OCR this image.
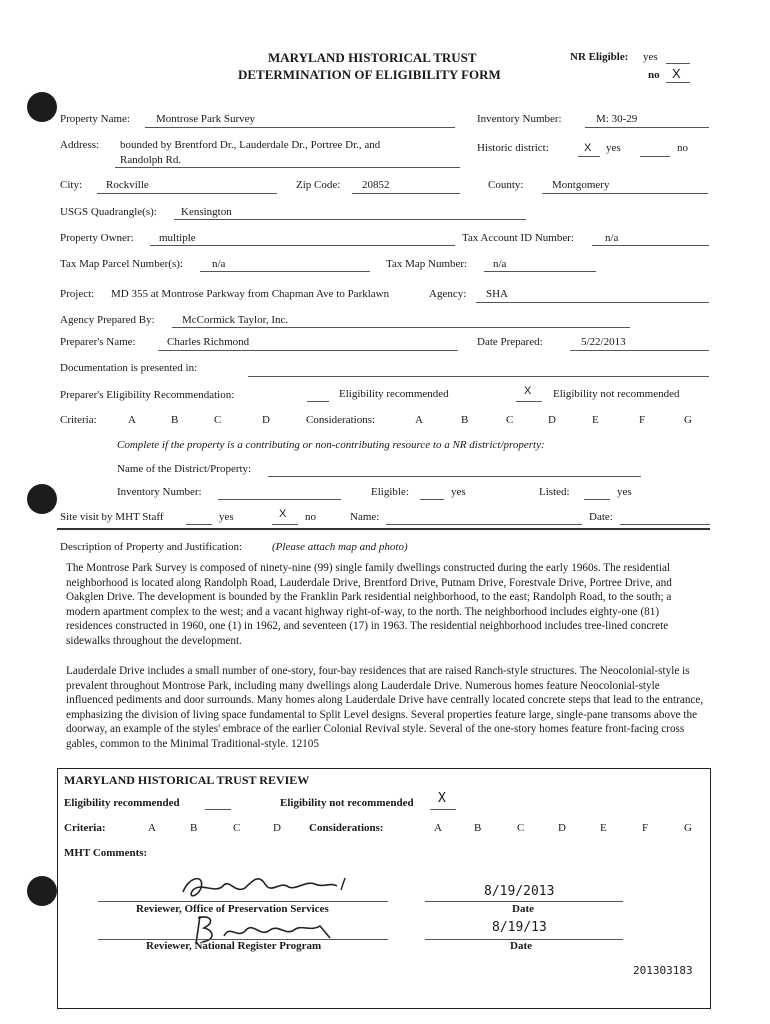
MARYLAND HISTORICAL TRUST
DETERMINATION OF ELIGIBILITY FORM
NR Eligible: yes
no X
Property Name: Montrose Park Survey	Inventory Number:	M: 30-29
Address: bounded by Brentford Dr., Lauderdale Dr., Portree Dr., and
Randolph Rd.
Historic district:	X yes	no
City: Rockville	Zip Code: 20852	County:	Montgomery
USGS Quadrangle(s): Kensington
Property Owner: multiple	Tax Account ID Number:	n/a
Tax Map Parcel Number(s):	n/a	Tax Map Number: n/a
Project: MD 355 at Montrose Parkway from Chapman Ave to Parklawn	Agency: SHA
Agency Prepared By: McCormick Taylor, Inc.
Preparer's Name:	Charles Richmond	Date Prepared:	5/22/2013
Documentation is presented in:
Preparer's Eligibility Recommendation:	Eligibility recommended	X Eligibility not recommended
Criteria:	A	B	C	D	Considerations:	A	B	C	D	E	F	G
Complete if the property is a contributing or non-contributing resource to a NR district/property:
Name of the District/Property:
Inventory Number:	Eligible:	yes	Listed:	yes
Site visit by MHT Staff	yes	X no	Name:	Date:
Description of Property and Justification:	(Please attach map and photo)
The Montrose Park Survey is composed of ninety-nine (99) single family dwellings constructed during the early 1960s. The residential neighborhood is located along Randolph Road, Lauderdale Drive, Brentford Drive, Putnam Drive, Forestvale Drive, Portree Drive, and Oakglen Drive. The development is bounded by the Franklin Park residential neighborhood, to the east; Randolph Road, to the south; a modern apartment complex to the west; and a vacant highway right-of-way, to the north. The neighborhood includes eighty-one (81) residences constructed in 1960, one (1) in 1962, and seventeen (17) in 1963. The residential neighborhood includes tree-lined concrete sidewalks throughout the development.
Lauderdale Drive includes a small number of one-story, four-bay residences that are raised Ranch-style structures. The Neocolonial-style is prevalent throughout Montrose Park, including many dwellings along Lauderdale Drive. Numerous homes feature Neocolonial-style influenced pediments and door surrounds. Many homes along Lauderdale Drive have centrally located concrete steps that lead to the entrance, emphasizing the division of living space fundamental to Split Level designs. Several properties feature large, single-pane transoms above the doorway, an example of the styles' embrace of the earlier Colonial Revival style. Several of the one-story homes feature front-facing cross gables, common to the Minimal Traditional-style. 12105
MARYLAND HISTORICAL TRUST REVIEW
Eligibility recommended	Eligibility not recommended X
Criteria:	A	B	C	D	Considerations:	A	B	C	D	E	F	G
MHT Comments:
Reviewer, Office of Preservation Services
8/19/2013
Date
Reviewer, National Register Program
8/19/13
Date
201303183
